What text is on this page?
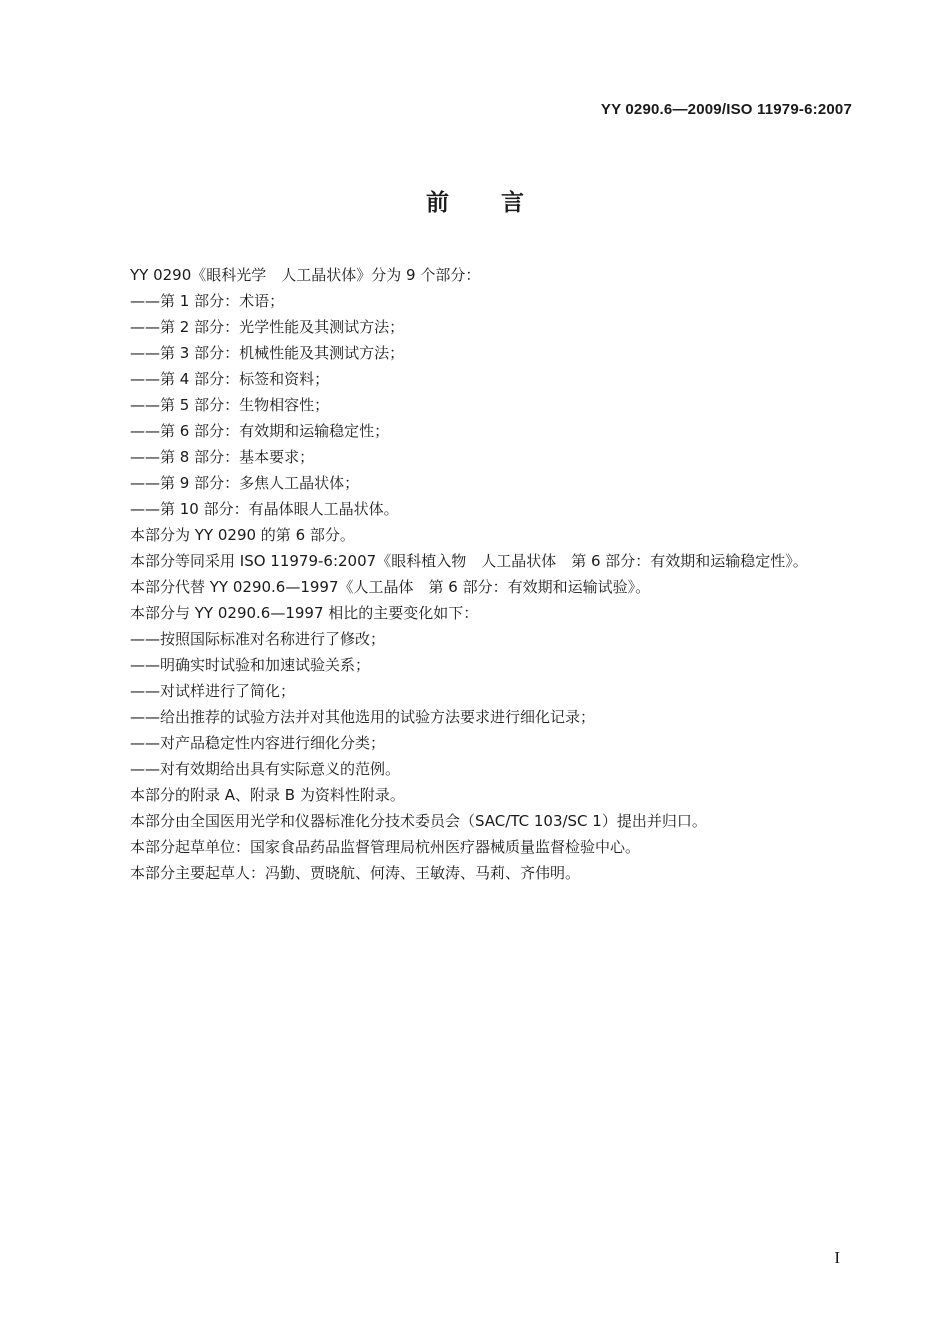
YY 0290.6—2009/ISO 11979-6:2007
前言
YY 0290《眼科光学　人工晶状体》分为 9 个部分：
——第 1 部分：术语；
——第 2 部分：光学性能及其测试方法；
——第 3 部分：机械性能及其测试方法；
——第 4 部分：标签和资料；
——第 5 部分：生物相容性；
——第 6 部分：有效期和运输稳定性；
——第 8 部分：基本要求；
——第 9 部分：多焦人工晶状体；
——第 10 部分：有晶体眼人工晶状体。
本部分为 YY 0290 的第 6 部分。
本部分等同采用 ISO 11979-6:2007《眼科植入物　人工晶状体　第 6 部分：有效期和运输稳定性》。
本部分代替 YY 0290.6—1997《人工晶体　第 6 部分：有效期和运输试验》。
本部分与 YY 0290.6—1997 相比的主要变化如下：
——按照国际标准对名称进行了修改；
——明确实时试验和加速试验关系；
——对试样进行了简化；
——给出推荐的试验方法并对其他选用的试验方法要求进行细化记录；
——对产品稳定性内容进行细化分类；
——对有效期给出具有实际意义的范例。
本部分的附录 A、附录 B 为资料性附录。
本部分由全国医用光学和仪器标准化分技术委员会（SAC/TC 103/SC 1）提出并归口。
本部分起草单位：国家食品药品监督管理局杭州医疗器械质量监督检验中心。
本部分主要起草人：冯勤、贾晓航、何涛、王敏涛、马莉、齐伟明。
I
